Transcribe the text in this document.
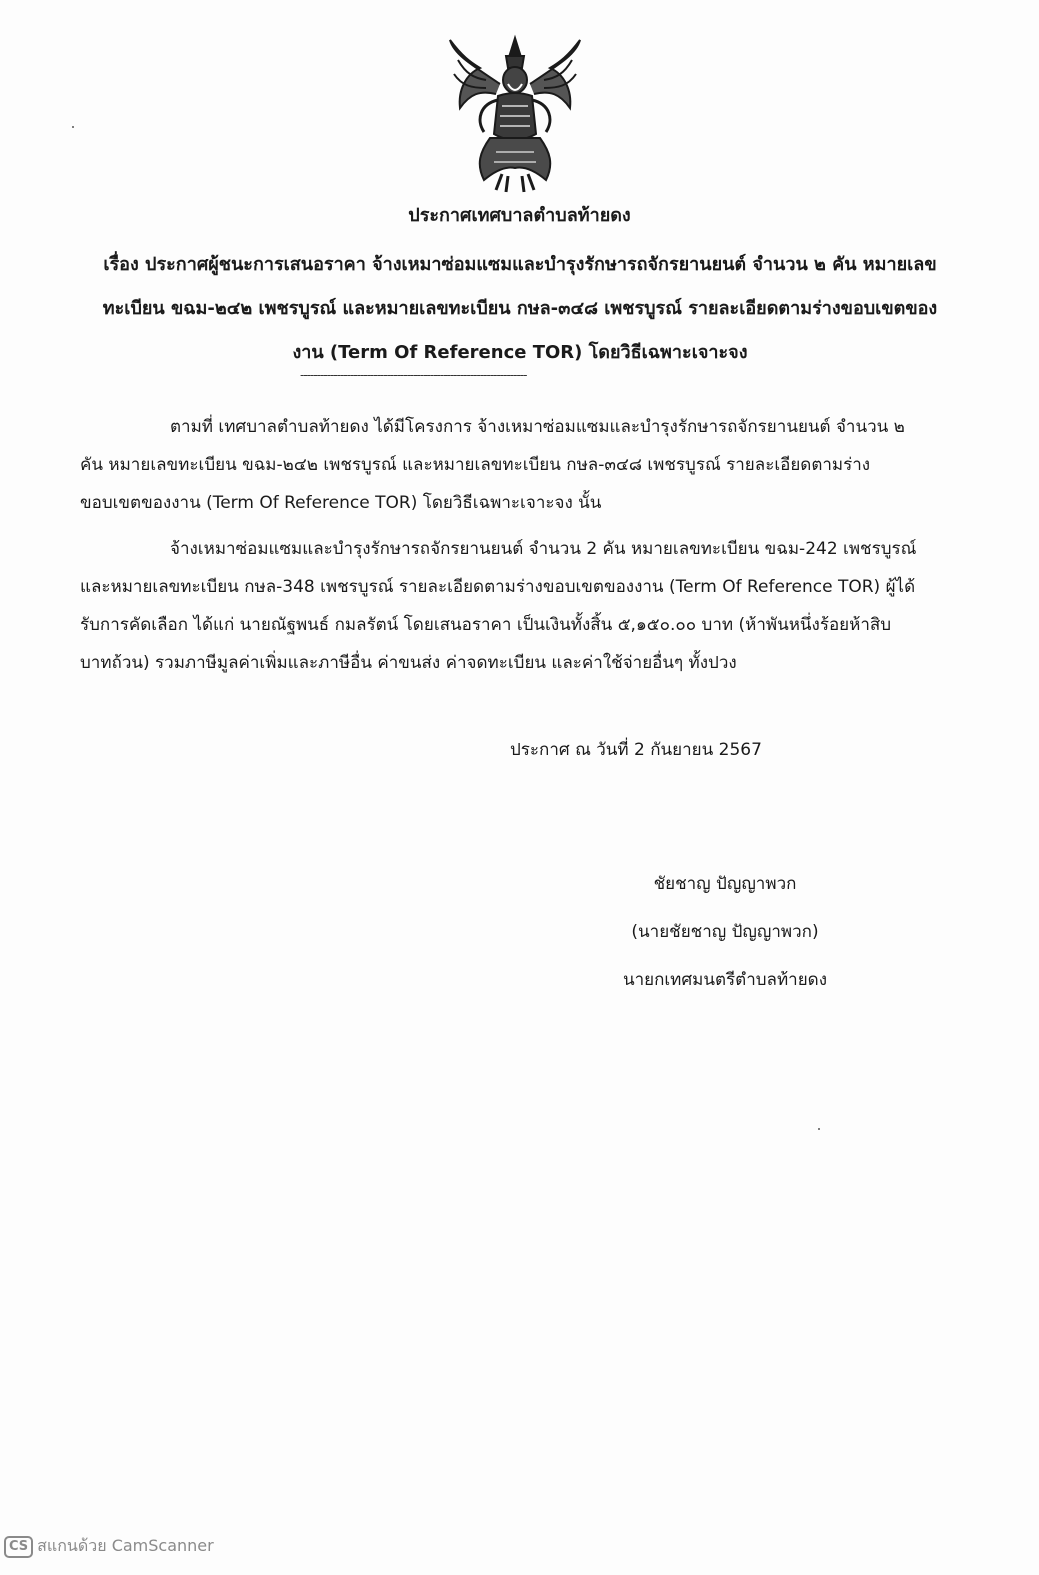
ประกาศเทศบาลตำบลท้ายดง
เรื่อง ประกาศผู้ชนะการเสนอราคา จ้างเหมาซ่อมแซมและบำรุงรักษารถจักรยานยนต์ จำนวน ๒ คัน หมายเลข
ทะเบียน ขฉม-๒๔๒ เพชรบูรณ์ และหมายเลขทะเบียน กษล-๓๔๘ เพชรบูรณ์ รายละเอียดตามร่างขอบเขตของ
งาน (Term Of Reference TOR) โดยวิธีเฉพาะเจาะจง
--------------------------------------------------------------------
ตามที่ เทศบาลตำบลท้ายดง ได้มีโครงการ จ้างเหมาซ่อมแซมและบำรุงรักษารถจักรยานยนต์ จำนวน ๒
คัน หมายเลขทะเบียน ขฉม-๒๔๒ เพชรบูรณ์ และหมายเลขทะเบียน กษล-๓๔๘ เพชรบูรณ์ รายละเอียดตามร่าง
ขอบเขตของงาน (Term Of Reference TOR) โดยวิธีเฉพาะเจาะจง นั้น
จ้างเหมาซ่อมแซมและบำรุงรักษารถจักรยานยนต์ จำนวน 2 คัน หมายเลขทะเบียน ขฉม-242 เพชรบูรณ์
และหมายเลขทะเบียน กษล-348 เพชรบูรณ์ รายละเอียดตามร่างขอบเขตของงาน (Term Of Reference TOR) ผู้ได้
รับการคัดเลือก ได้แก่ นายณัฐพนธ์ กมลรัตน์ โดยเสนอราคา เป็นเงินทั้งสิ้น ๕,๑๕๐.๐๐ บาท (ห้าพันหนึ่งร้อยห้าสิบ
บาทถ้วน) รวมภาษีมูลค่าเพิ่มและภาษีอื่น ค่าขนส่ง ค่าจดทะเบียน และค่าใช้จ่ายอื่นๆ ทั้งปวง
ประกาศ ณ วันที่ 2 กันยายน 2567
ชัยชาญ ปัญญาพวก
(นายชัยชาญ ปัญญาพวก)
นายกเทศมนตรีตำบลท้ายดง
CS สแกนด้วย CamScanner
